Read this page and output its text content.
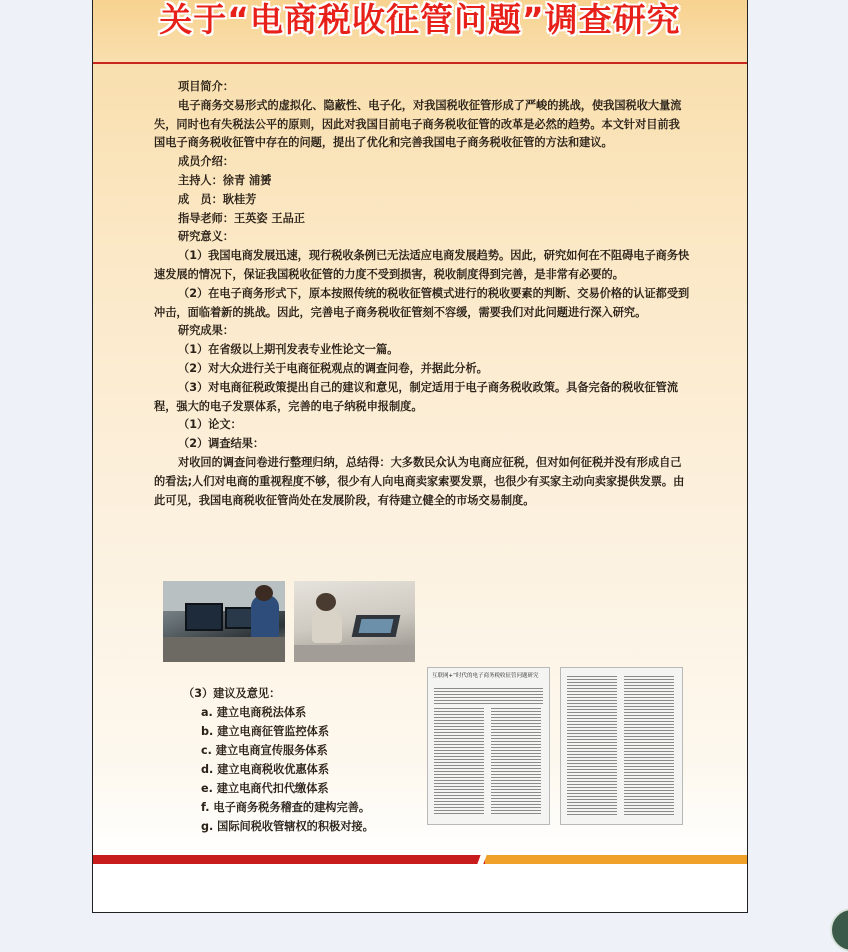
关于“电商税收征管问题”调查研究

项目简介：

电子商务交易形式的虚拟化、隐蔽性、电子化，对我国税收征管形成了严峻的挑战，使我国税收大量流失，同时也有失税法公平的原则，因此对我国目前电子商务税收征管的改革是必然的趋势。本文针对目前我国电子商务税收征管中存在的问题，提出了优化和完善我国电子商务税收征管的方法和建议。

成员介绍：

主持人：徐青 浦赟

成　员：耿桂芳

指导老师：王英姿 王品正

研究意义：

（1）我国电商发展迅速，现行税收条例已无法适应电商发展趋势。因此，研究如何在不阻碍电子商务快速发展的情况下，保证我国税收征管的力度不受到损害，税收制度得到完善，是非常有必要的。

（2）在电子商务形式下，原本按照传统的税收征管模式进行的税收要素的判断、交易价格的认证都受到冲击，面临着新的挑战。因此，完善电子商务税收征管刻不容缓，需要我们对此问题进行深入研究。

研究成果：

（1）在省级以上期刊发表专业性论文一篇。

（2）对大众进行关于电商征税观点的调查问卷，并据此分析。

（3）对电商征税政策提出自己的建议和意见，制定适用于电子商务税收政策。具备完备的税收征管流程，强大的电子发票体系，完善的电子纳税申报制度。

（1）论文：

（2）调查结果：

对收回的调查问卷进行整理归纳，总结得：大多数民众认为电商应征税，但对如何征税并没有形成自己的看法;人们对电商的重视程度不够，很少有人向电商卖家索要发票，也很少有买家主动向卖家提供发票。由此可见，我国电商税收征管尚处在发展阶段，有待建立健全的市场交易制度。

（3）建议及意见：
a. 建立电商税法体系
b. 建立电商征管监控体系
c. 建立电商宣传服务体系
d. 建立电商税收优惠体系
e. 建立电商代扣代缴体系
f. 电子商务税务稽查的建构完善。
g. 国际间税收管辖权的积极对接。
互联网+“时代的电子商务税收征管问题研究
